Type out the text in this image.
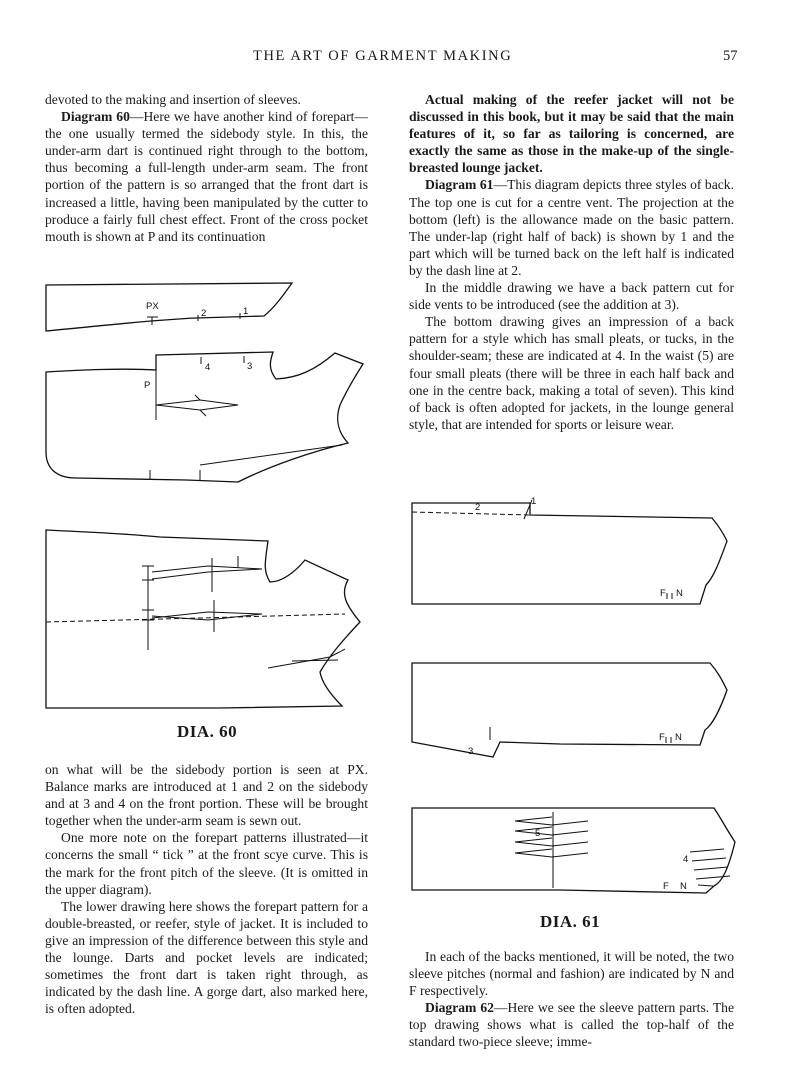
THE ART OF GARMENT MAKING	57

devoted to the making and insertion of sleeves.

Diagram 60—Here we have another kind of forepart—the one usually termed the sidebody style. In this, the under-arm dart is continued right through to the bottom, thus becoming a full-length under-arm seam. The front portion of the pattern is so arranged that the front dart is increased a little, having been manipulated by the cutter to produce a fairly full chest effect. Front of the cross pocket mouth is shown at P and its continuation

on what will be the sidebody portion is seen at PX. Balance marks are introduced at 1 and 2 on the sidebody and at 3 and 4 on the front portion. These will be brought together when the under-arm seam is sewn out.

One more note on the forepart patterns illustrated—it concerns the small “ tick ” at the front scye curve. This is the mark for the front pitch of the sleeve. (It is omitted in the upper diagram).

The lower drawing here shows the forepart pattern for a double-breasted, or reefer, style of jacket. It is included to give an impression of the difference between this style and the lounge. Darts and pocket levels are indicated; sometimes the front dart is taken right through, as indicated by the dash line. A gorge dart, also marked here, is often adopted.

Actual making of the reefer jacket will not be discussed in this book, but it may be said that the main features of it, so far as tailoring is concerned, are exactly the same as those in the make-up of the single-breasted lounge jacket.

Diagram 61—This diagram depicts three styles of back. The top one is cut for a centre vent. The projection at the bottom (left) is the allowance made on the basic pattern. The under-lap (right half of back) is shown by 1 and the part which will be turned back on the left half is indicated by the dash line at 2.

In the middle drawing we have a back pattern cut for side vents to be introduced (see the addition at 3).

The bottom drawing gives an impression of a back pattern for a style which has small pleats, or tucks, in the shoulder-seam; these are indicated at 4. In the waist (5) are four small pleats (there will be three in each half back and one in the centre back, making a total of seven). This kind of back is often adopted for jackets, in the lounge general style, that are intended for sports or leisure wear.

In each of the backs mentioned, it will be noted, the two sleeve pitches (normal and fashion) are indicated by N and F respectively.

Diagram 62—Here we see the sleeve pattern parts. The top drawing shows what is called the top-half of the standard two-piece sleeve; imme-

DIA. 60
DIA. 61
PX
2	1
4	3
P
2
1
F N
3
F N
5
4
F N
